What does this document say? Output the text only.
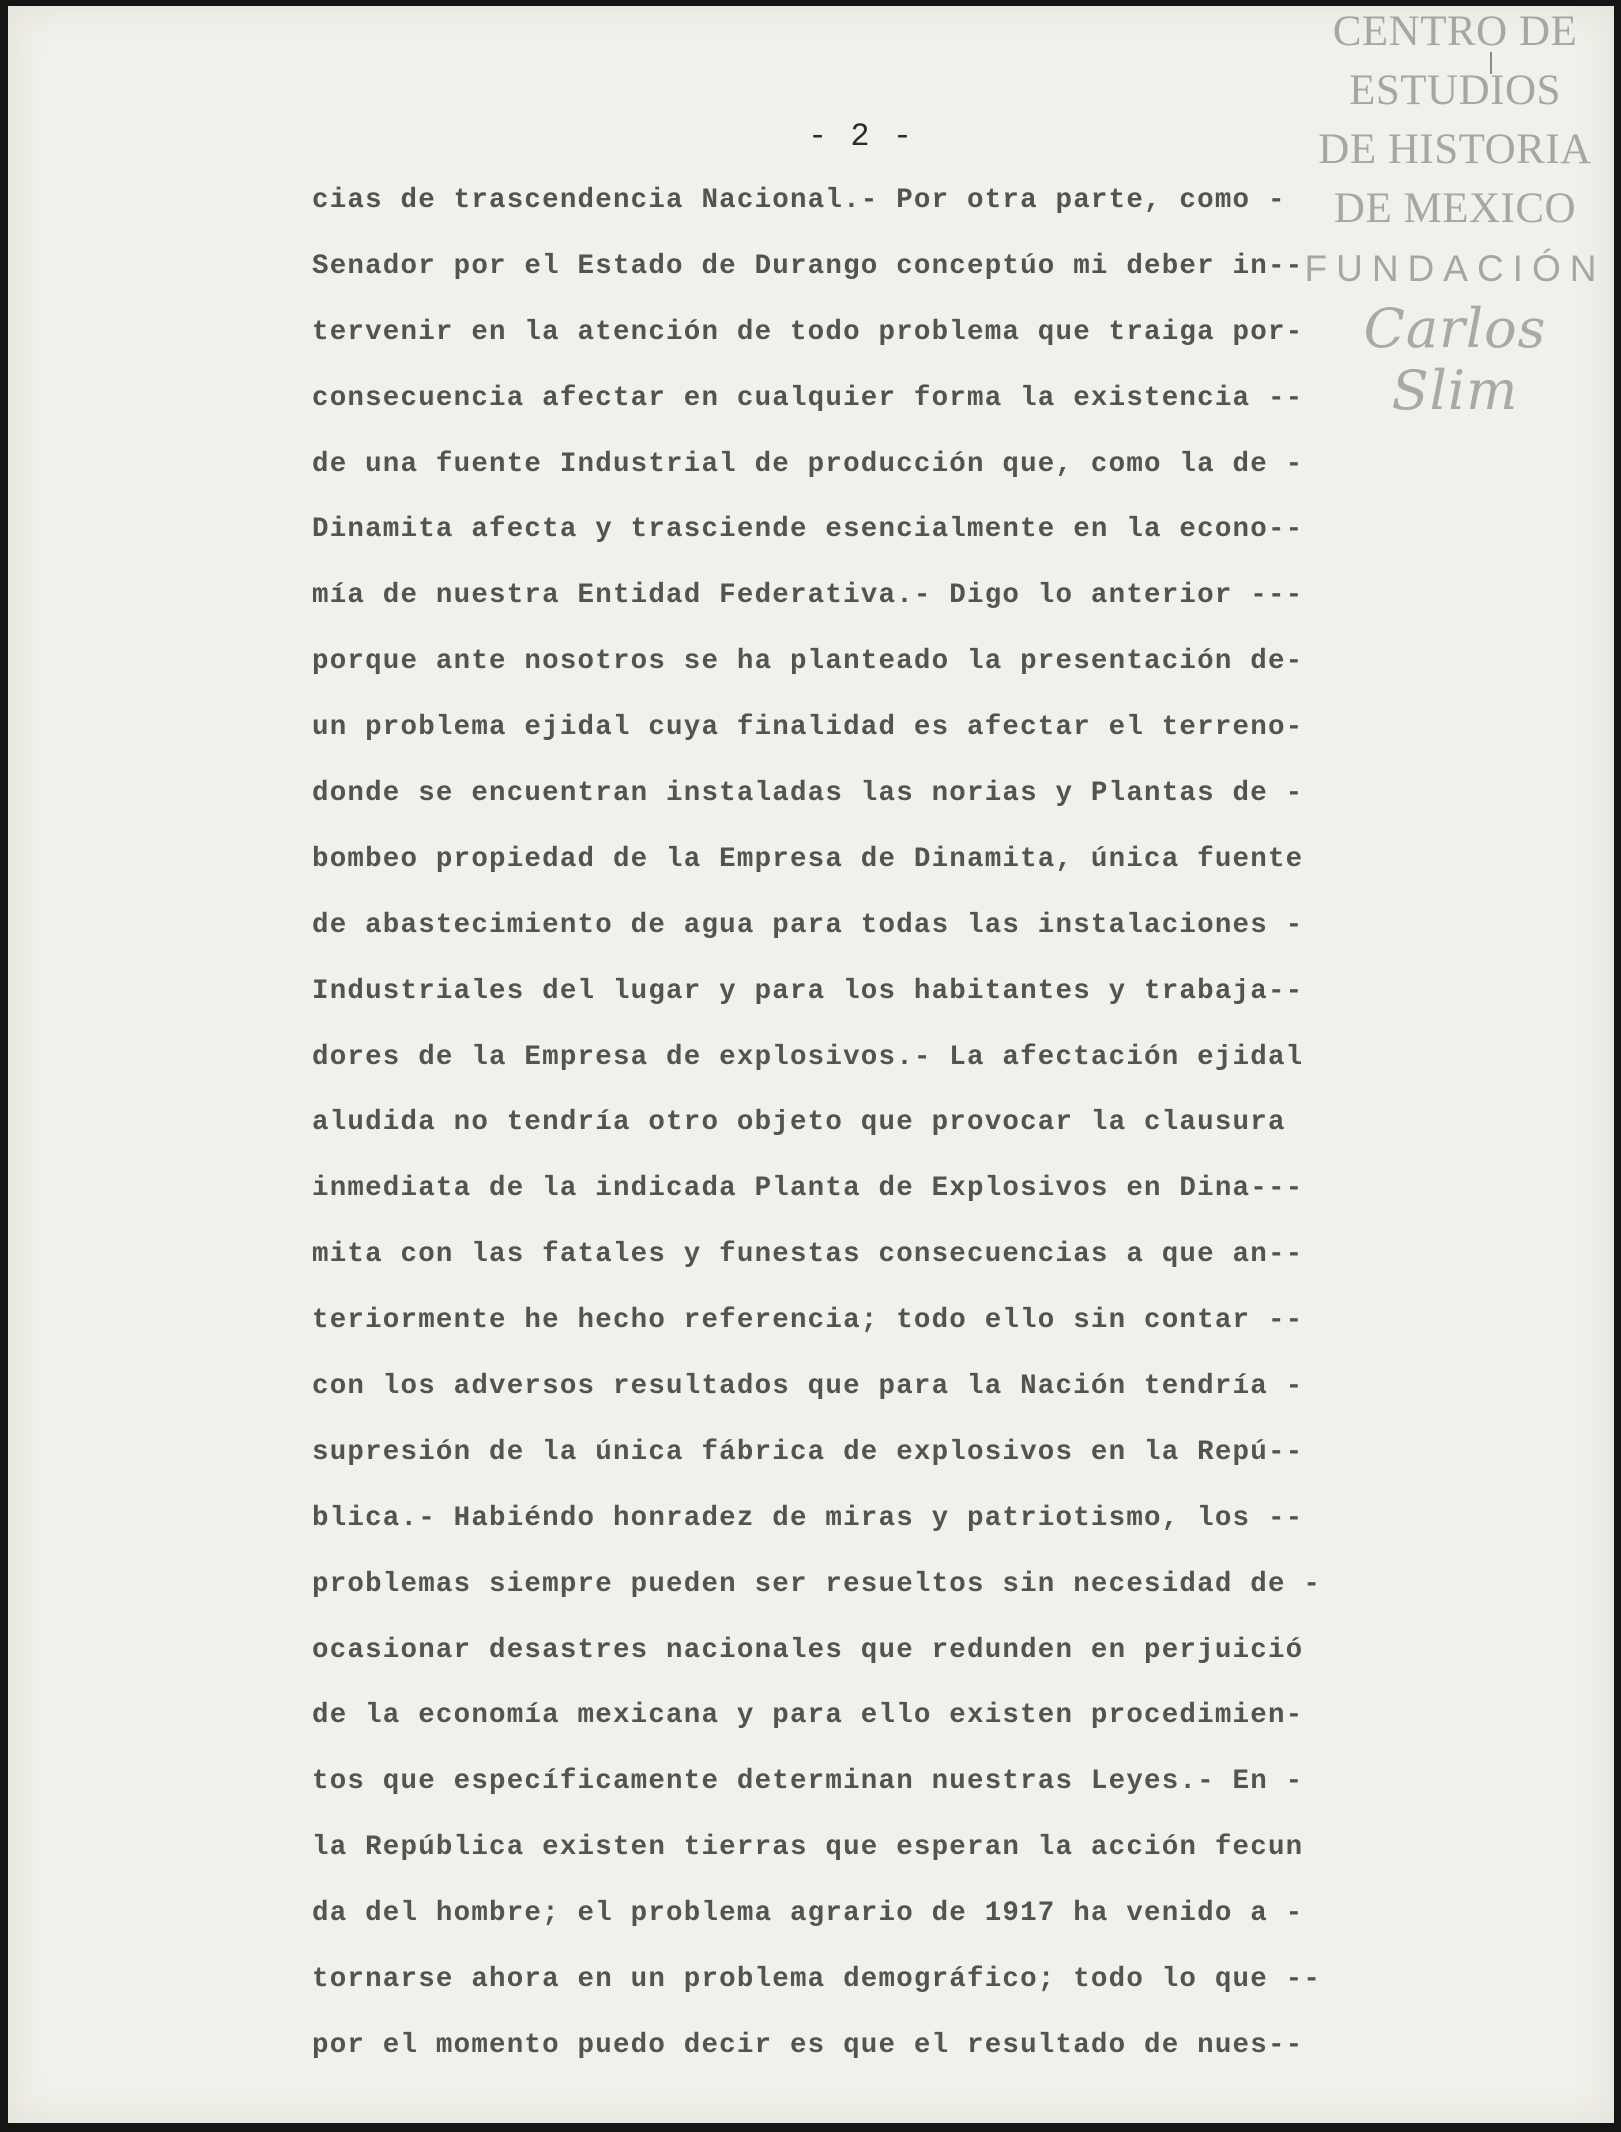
- 2 -
cias de trascendencia Nacional.- Por otra parte, como -
Senador por el Estado de Durango conceptúo mi deber in--
tervenir en la atención de todo problema que traiga por-
consecuencia afectar en cualquier forma la existencia --
de una fuente Industrial de producción que, como la de -
Dinamita afecta y trasciende esencialmente en la econo--
mía de nuestra Entidad Federativa.- Digo lo anterior ---
porque ante nosotros se ha planteado la presentación de-
un problema ejidal cuya finalidad es afectar el terreno-
donde se encuentran instaladas las norias y Plantas de -
bombeo propiedad de la Empresa de Dinamita, única fuente
de abastecimiento de agua para todas las instalaciones -
Industriales del lugar y para los habitantes y trabaja--
dores de la Empresa de explosivos.- La afectación ejidal
aludida no tendría otro objeto que provocar la clausura
inmediata de la indicada Planta de Explosivos en Dina---
mita con las fatales y funestas consecuencias a que an--
teriormente he hecho referencia; todo ello sin contar --
con los adversos resultados que para la Nación tendría -
supresión de la única fábrica de explosivos en la Repú--
blica.- Habiéndo honradez de miras y patriotismo, los --
problemas siempre pueden ser resueltos sin necesidad de -
ocasionar desastres nacionales que redunden en perjuició
de la economía mexicana y para ello existen procedimien-
tos que específicamente determinan nuestras Leyes.- En -
la República existen tierras que esperan la acción fecun
da del hombre; el problema agrario de 1917 ha venido a -
tornarse ahora en un problema demográfico; todo lo que --
por el momento puedo decir es que el resultado de nues--
CENTRO DE
ESTUDIOS
DE HISTORIA
DE MEXICO
FUNDACIÓN
Carlos Slim
